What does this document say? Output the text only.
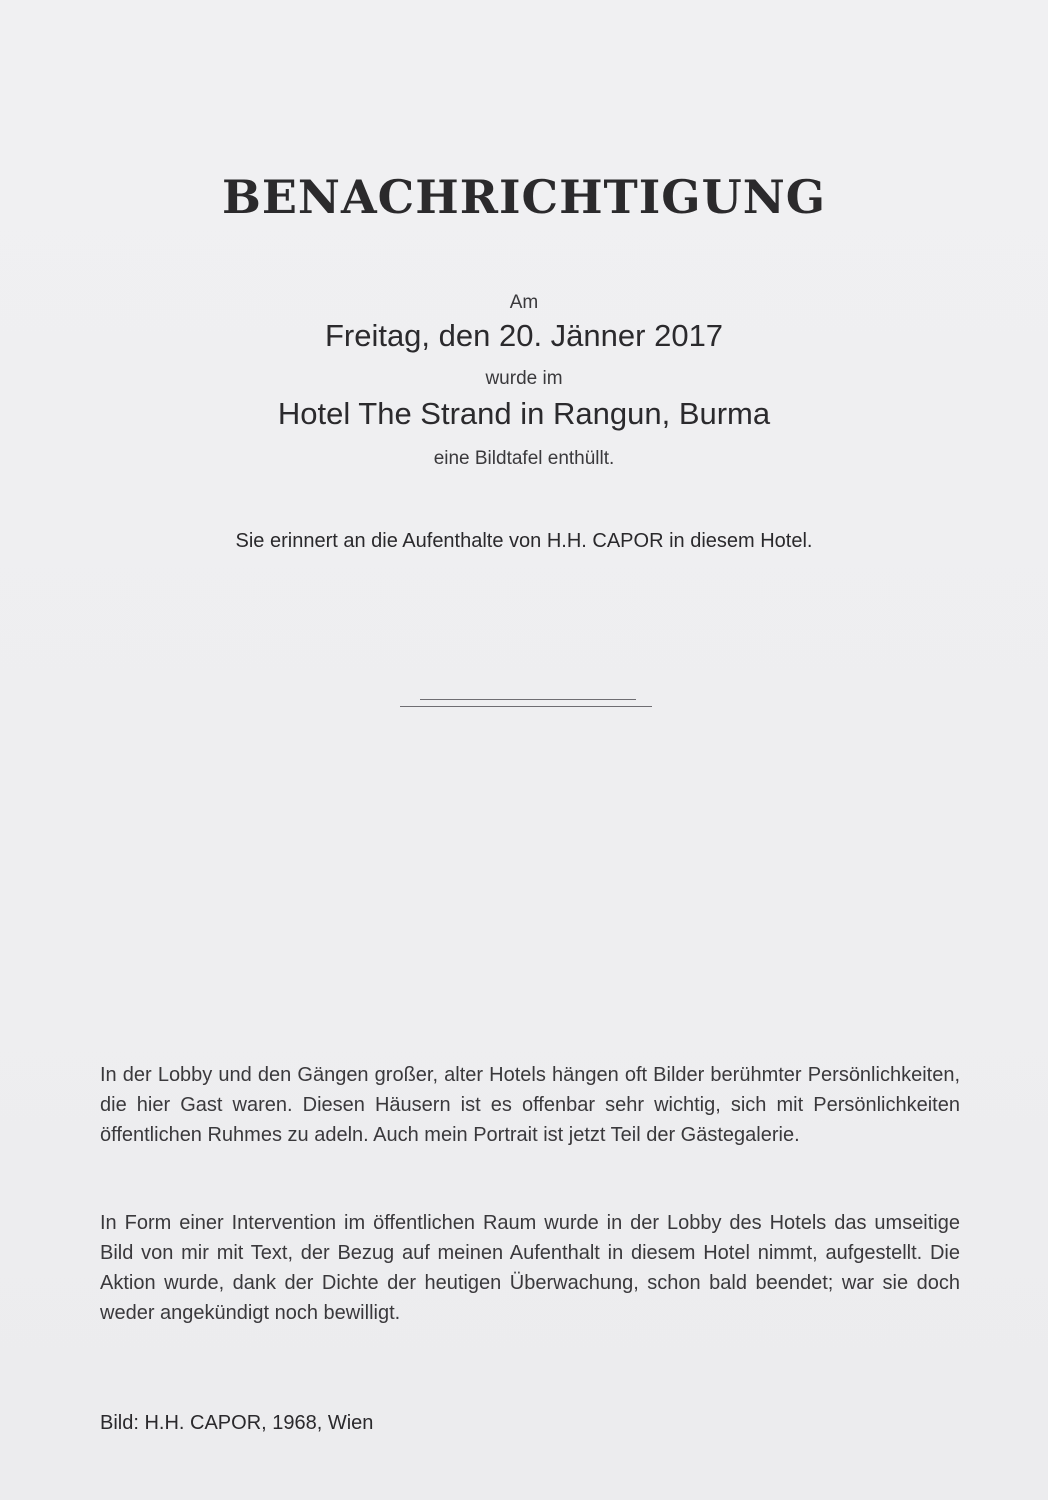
BENACHRICHTIGUNG

Am

Freitag, den 20. Jänner 2017

wurde im

Hotel The Strand in Rangun, Burma

eine Bildtafel enthüllt.

Sie erinnert an die Aufenthalte von H.H. CAPOR in diesem Hotel.

In der Lobby und den Gängen großer, alter Hotels hängen oft Bilder berühmter Persönlichkeiten, die hier Gast waren. Diesen Häusern ist es offenbar sehr wichtig, sich mit Persönlichkeiten öffentlichen Ruhmes zu adeln. Auch mein Portrait ist jetzt Teil der Gästegalerie.

In Form einer Intervention im öffentlichen Raum wurde in der Lobby des Hotels das umseitige Bild von mir mit Text, der Bezug auf meinen Aufenthalt in diesem Hotel nimmt, aufgestellt. Die Aktion wurde, dank der Dichte der heutigen Überwachung, schon bald beendet; war sie doch weder angekündigt noch bewilligt.

Bild: H.H. CAPOR, 1968, Wien
